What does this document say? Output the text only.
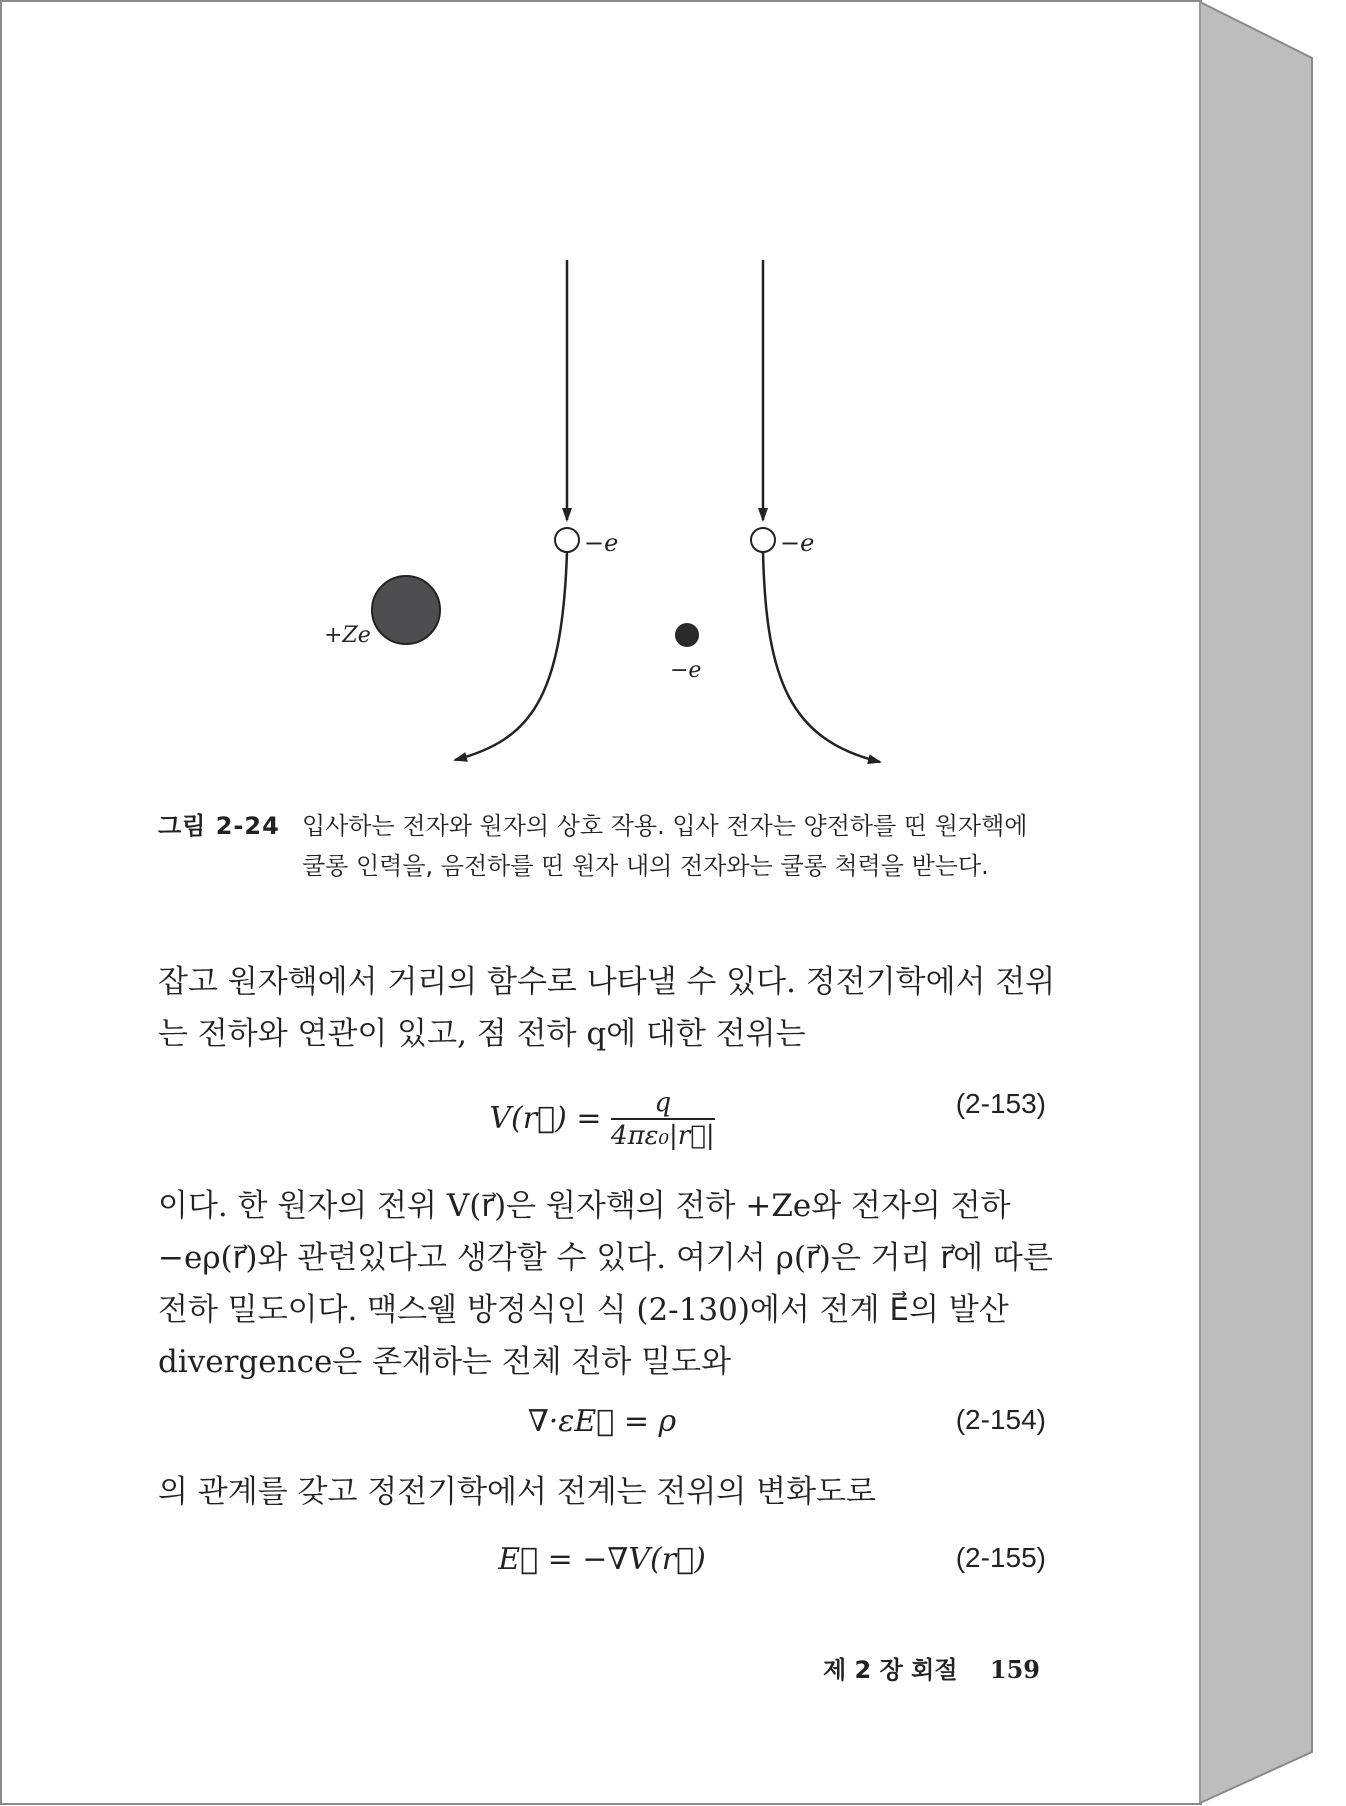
−e	−e
+Ze
−e
그림 2-24 입사하는 전자와 원자의 상호 작용. 입사 전자는 양전하를 띤 원자핵에 쿨롱 인력을, 음전하를 띤 원자 내의 전자와는 쿨롱 척력을 받는다.
잡고 원자핵에서 거리의 함수로 나타낼 수 있다. 정전기학에서 전위는 전하와 연관이 있고, 점 전하 q에 대한 전위는
V(r⃗) = $\frac{q}{\text{4πε₀|r⃗|}}$	(2-153)
이다. 한 원자의 전위 V(r⃗)은 원자핵의 전하 +Ze와 전자의 전하 −eρ(r⃗)와 관련있다고 생각할 수 있다. 여기서 ρ(r⃗)은 거리 r⃗에 따른 전하 밀도이다. 맥스웰 방정식인 식 (2-130)에서 전계 E⃗의 발산 divergence은 존재하는 전체 전하 밀도와
∇·εE⃗ = ρ	(2-154)
의 관계를 갖고 정전기학에서 전계는 전위의 변화도로
E⃗ = −∇V(r⃗)	(2-155)
제 2 장 회절 159
